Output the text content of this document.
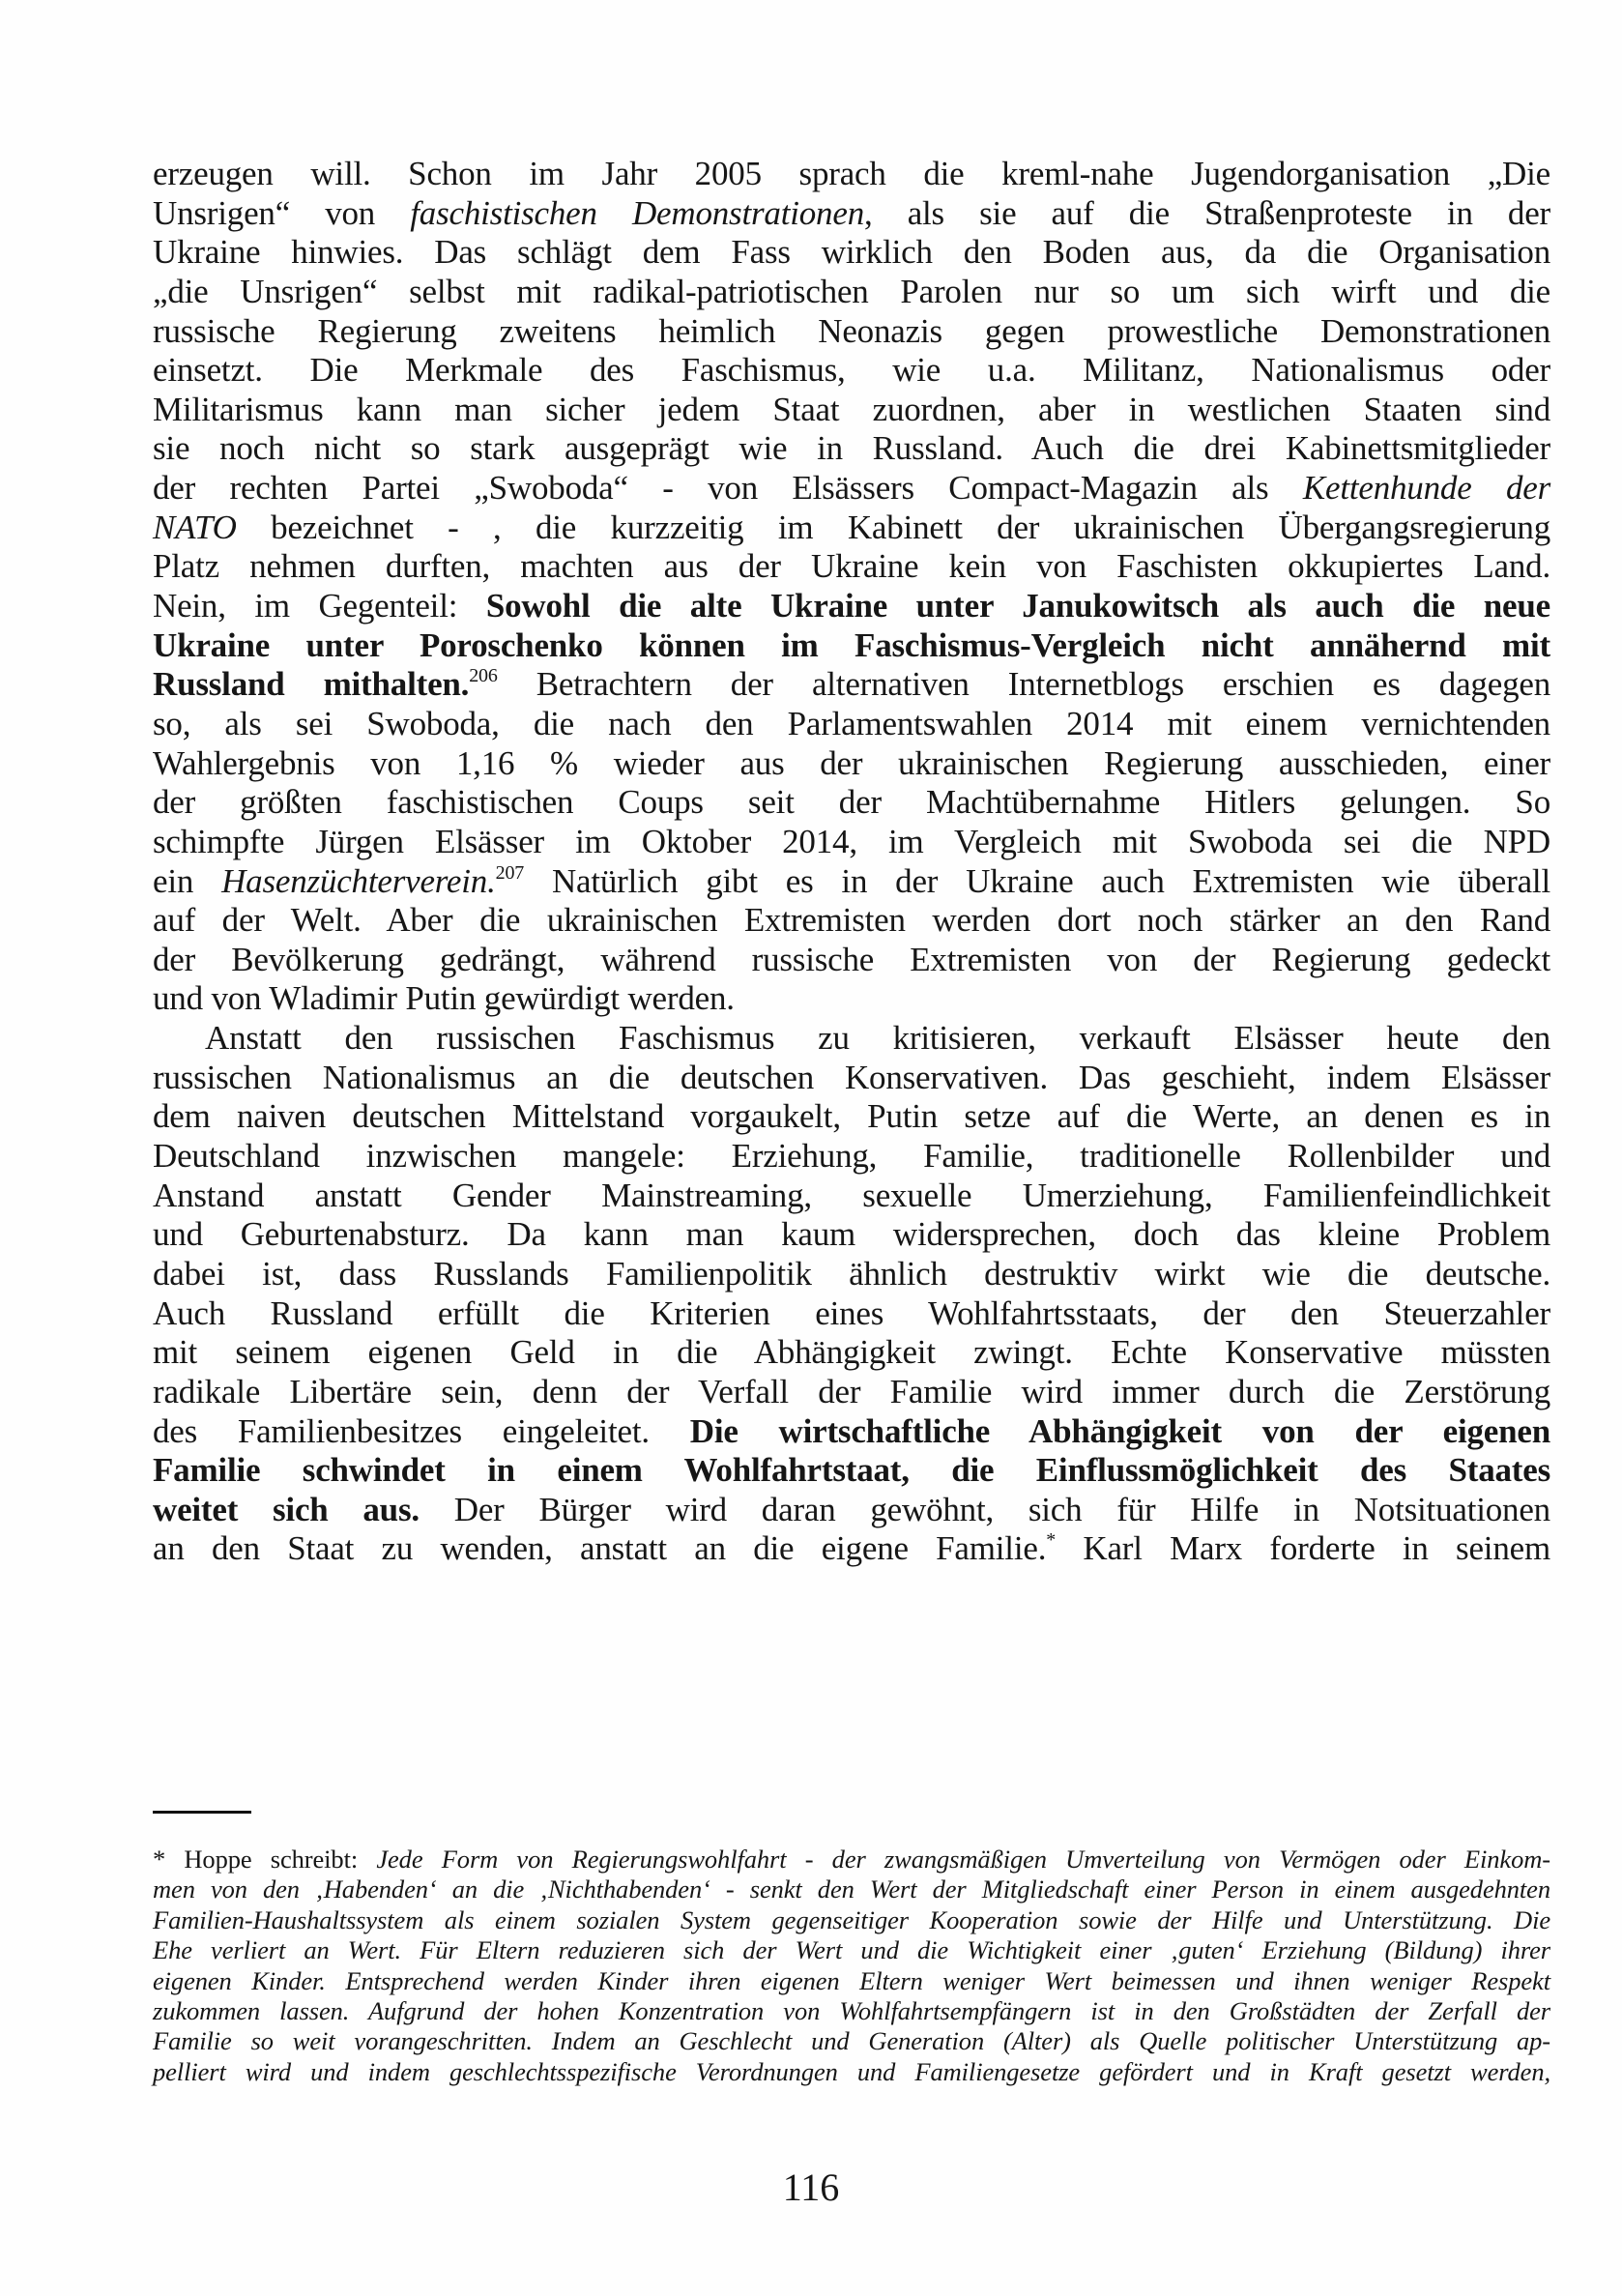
erzeugen will. Schon im Jahr 2005 sprach die kreml-nahe Jugendorganisation „Die
Unsrigen“ von faschistischen Demonstrationen, als sie auf die Straßenproteste in der
Ukraine hinwies. Das schlägt dem Fass wirklich den Boden aus, da die Organisation
„die Unsrigen“ selbst mit radikal-patriotischen Parolen nur so um sich wirft und die
russische Regierung zweitens heimlich Neonazis gegen prowestliche Demonstrationen
einsetzt. Die Merkmale des Faschismus, wie u.a. Militanz, Nationalismus oder
Militarismus kann man sicher jedem Staat zuordnen, aber in westlichen Staaten sind
sie noch nicht so stark ausgeprägt wie in Russland. Auch die drei Kabinettsmitglieder
der rechten Partei „Swoboda“ - von Elsässers Compact-Magazin als Kettenhunde der
NATO bezeichnet - , die kurzzeitig im Kabinett der ukrainischen Übergangsregierung
Platz nehmen durften, machten aus der Ukraine kein von Faschisten okkupiertes Land.
Nein, im Gegenteil: Sowohl die alte Ukraine unter Janukowitsch als auch die neue
Ukraine unter Poroschenko können im Faschismus-Vergleich nicht annähernd mit
Russland mithalten.$^{206}$ Betrachtern der alternativen Internetblogs erschien es dagegen
so, als sei Swoboda, die nach den Parlamentswahlen 2014 mit einem vernichtenden
Wahlergebnis von 1,16 % wieder aus der ukrainischen Regierung ausschieden, einer
der größten faschistischen Coups seit der Machtübernahme Hitlers gelungen. So
schimpfte Jürgen Elsässer im Oktober 2014, im Vergleich mit Swoboda sei die NPD
ein Hasenzüchterverein.$^{207}$ Natürlich gibt es in der Ukraine auch Extremisten wie überall
auf der Welt. Aber die ukrainischen Extremisten werden dort noch stärker an den Rand
der Bevölkerung gedrängt, während russische Extremisten von der Regierung gedeckt
und von Wladimir Putin gewürdigt werden.
Anstatt den russischen Faschismus zu kritisieren, verkauft Elsässer heute den
russischen Nationalismus an die deutschen Konservativen. Das geschieht, indem Elsässer
dem naiven deutschen Mittelstand vorgaukelt, Putin setze auf die Werte, an denen es in
Deutschland inzwischen mangele: Erziehung, Familie, traditionelle Rollenbilder und
Anstand anstatt Gender Mainstreaming, sexuelle Umerziehung, Familienfeindlichkeit
und Geburtenabsturz. Da kann man kaum widersprechen, doch das kleine Problem
dabei ist, dass Russlands Familienpolitik ähnlich destruktiv wirkt wie die deutsche.
Auch Russland erfüllt die Kriterien eines Wohlfahrtsstaats, der den Steuerzahler
mit seinem eigenen Geld in die Abhängigkeit zwingt. Echte Konservative müssten
radikale Libertäre sein, denn der Verfall der Familie wird immer durch die Zerstörung
des Familienbesitzes eingeleitet. Die wirtschaftliche Abhängigkeit von der eigenen
Familie schwindet in einem Wohlfahrtstaat, die Einflussmöglichkeit des Staates
weitet sich aus. Der Bürger wird daran gewöhnt, sich für Hilfe in Notsituationen
an den Staat zu wenden, anstatt an die eigene Familie.* Karl Marx forderte in seinem
* Hoppe schreibt: Jede Form von Regierungswohlfahrt - der zwangsmäßigen Umverteilung von Vermögen oder Einkom-
men von den ‚Habenden‘ an die ‚Nichthabenden‘ - senkt den Wert der Mitgliedschaft einer Person in einem ausgedehnten
Familien-Haushaltssystem als einem sozialen System gegenseitiger Kooperation sowie der Hilfe und Unterstützung. Die
Ehe verliert an Wert. Für Eltern reduzieren sich der Wert und die Wichtigkeit einer ‚guten‘ Erziehung (Bildung) ihrer
eigenen Kinder. Entsprechend werden Kinder ihren eigenen Eltern weniger Wert beimessen und ihnen weniger Respekt
zukommen lassen. Aufgrund der hohen Konzentration von Wohlfahrtsempfängern ist in den Großstädten der Zerfall der
Familie so weit vorangeschritten. Indem an Geschlecht und Generation (Alter) als Quelle politischer Unterstützung ap-
pelliert wird und indem geschlechtsspezifische Verordnungen und Familiengesetze gefördert und in Kraft gesetzt werden,
116
